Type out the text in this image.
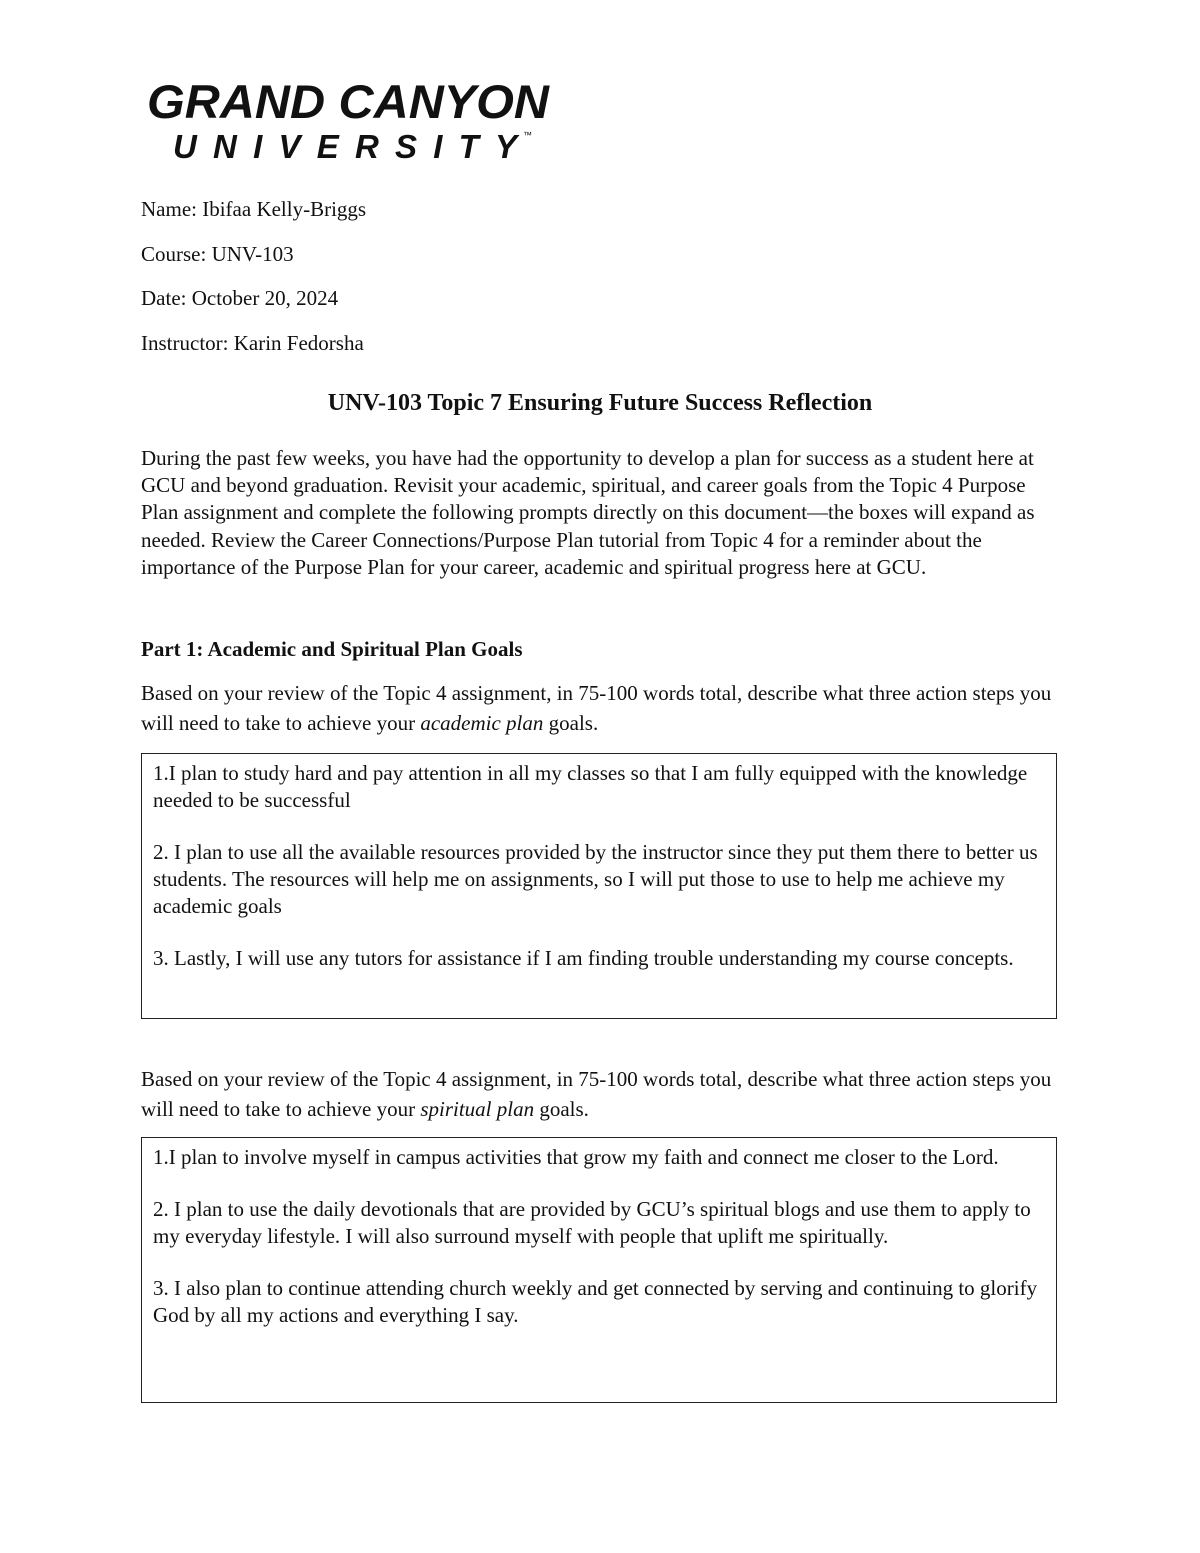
GRAND CANYON
UNIVERSITY ™
Name: Ibifaa Kelly-Briggs
Course: UNV-103
Date: October 20, 2024
Instructor: Karin Fedorsha
UNV-103 Topic 7 Ensuring Future Success Reflection
During the past few weeks, you have had the opportunity to develop a plan for success as a student here at GCU and beyond graduation. Revisit your academic, spiritual, and career goals from the Topic 4 Purpose Plan assignment and complete the following prompts directly on this document—the boxes will expand as needed. Review the Career Connections/Purpose Plan tutorial from Topic 4 for a reminder about the importance of the Purpose Plan for your career, academic and spiritual progress here at GCU.
Part 1: Academic and Spiritual Plan Goals
Based on your review of the Topic 4 assignment, in 75-100 words total, describe what three action steps you will need to take to achieve your academic plan goals.

1.I plan to study hard and pay attention in all my classes so that I am fully equipped with the knowledge needed to be successful

2. I plan to use all the available resources provided by the instructor since they put them there to better us students. The resources will help me on assignments, so I will put those to use to help me achieve my academic goals

3. Lastly, I will use any tutors for assistance if I am finding trouble understanding my course concepts.

Based on your review of the Topic 4 assignment, in 75-100 words total, describe what three action steps you will need to take to achieve your spiritual plan goals.

1.I plan to involve myself in campus activities that grow my faith and connect me closer to the Lord.

2. I plan to use the daily devotionals that are provided by GCU’s spiritual blogs and use them to apply to my everyday lifestyle. I will also surround myself with people that uplift me spiritually.

3. I also plan to continue attending church weekly and get connected by serving and continuing to glorify God by all my actions and everything I say.
